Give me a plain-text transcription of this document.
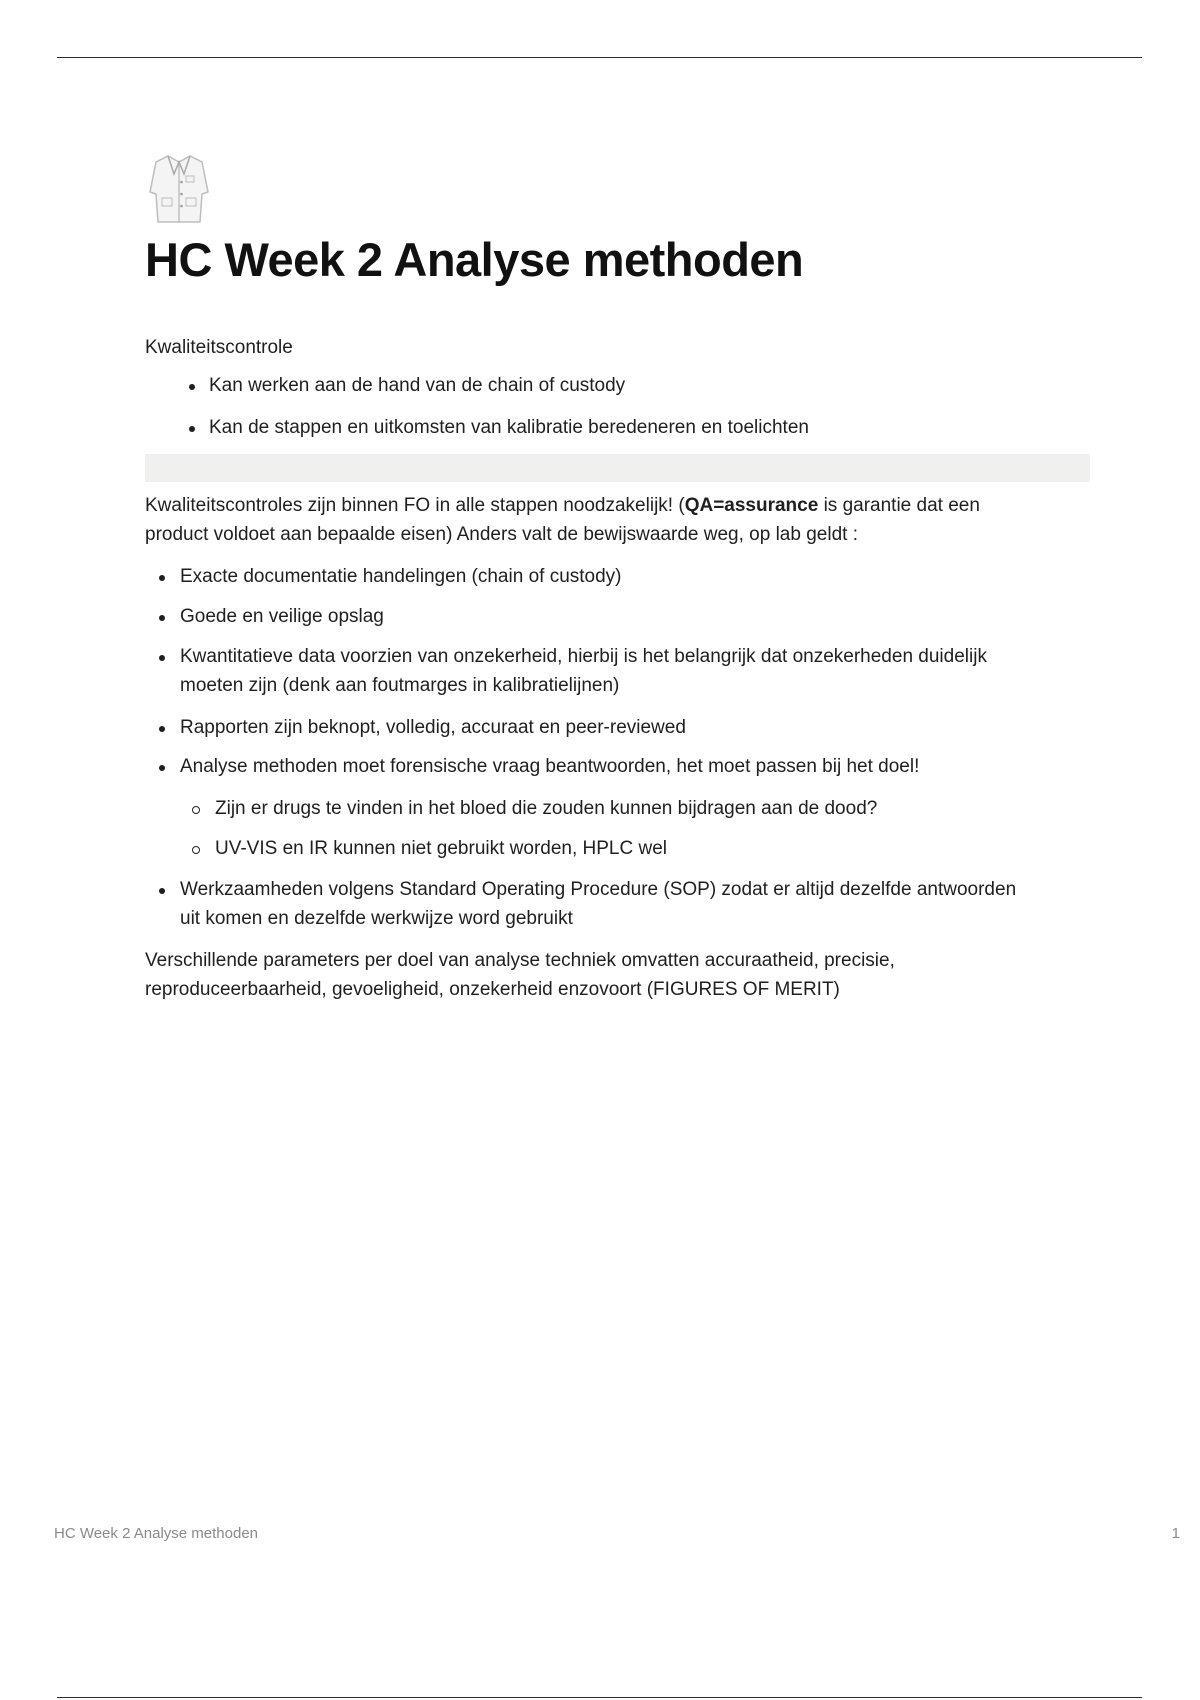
HC Week 2 Analyse methoden

Kwaliteitscontrole

Kan werken aan de hand van de chain of custody
Kan de stappen en uitkomsten van kalibratie beredeneren en toelichten

Kwaliteitscontroles zijn binnen FO in alle stappen noodzakelijk! (QA=assurance is garantie dat een
product voldoet aan bepaalde eisen) Anders valt de bewijswaarde weg, op lab geldt :

Exacte documentatie handelingen (chain of custody)
Goede en veilige opslag
Kwantitatieve data voorzien van onzekerheid, hierbij is het belangrijk dat onzekerheden duidelijk
moeten zijn (denk aan foutmarges in kalibratielijnen)
Rapporten zijn beknopt, volledig, accuraat en peer-reviewed
Analyse methoden moet forensische vraag beantwoorden, het moet passen bij het doel!
Zijn er drugs te vinden in het bloed die zouden kunnen bijdragen aan de dood?
UV-VIS en IR kunnen niet gebruikt worden, HPLC wel
Werkzaamheden volgens Standard Operating Procedure (SOP) zodat er altijd dezelfde antwoorden
uit komen en dezelfde werkwijze word gebruikt

Verschillende parameters per doel van analyse techniek omvatten accuraatheid, precisie,
reproduceerbaarheid, gevoeligheid, onzekerheid enzovoort (FIGURES OF MERIT)

HC Week 2 Analyse methoden	1
